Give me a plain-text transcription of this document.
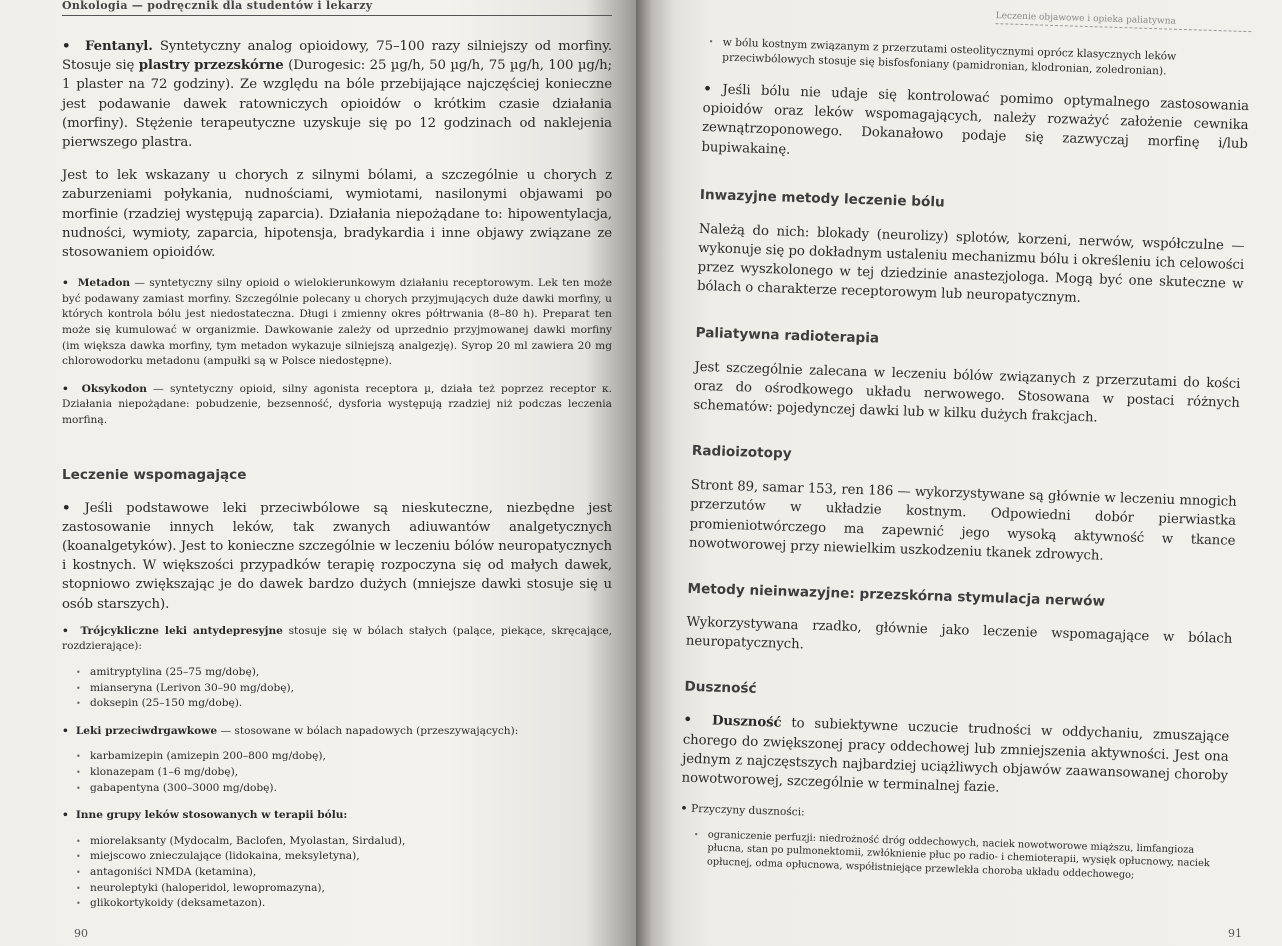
Onkologia — podręcznik dla studentów i lekarzy

• Fentanyl. Syntetyczny analog opioidowy, 75–100 razy silniejszy od morfiny. Stosuje się plastry przezskórne (Durogesic: 25 µg/h, 50 µg/h, 75 µg/h, 100 µg/h; 1 plaster na 72 godziny). Ze względu na bóle przebijające najczęściej konieczne jest podawanie dawek ratowniczych opioidów o krótkim czasie działania (morfiny). Stężenie terapeutyczne uzyskuje się po 12 godzinach od naklejenia pierwszego plastra.

Jest to lek wskazany u chorych z silnymi bólami, a szczególnie u chorych z zaburzeniami połykania, nudnościami, wymiotami, nasilonymi objawami po morfinie (rzadziej występują zaparcia). Działania niepożądane to: hipowentylacja, nudności, wymioty, zaparcia, hipotensja, bradykardia i inne objawy związane ze stosowaniem opioidów.

• Metadon — syntetyczny silny opioid o wielokierunkowym działaniu receptorowym. Lek ten może być podawany zamiast morfiny. Szczególnie polecany u chorych przyjmujących duże dawki morfiny, u których kontrola bólu jest niedostateczna. Długi i zmienny okres półtrwania (8–80 h). Preparat ten może się kumulować w organizmie. Dawkowanie zależy od uprzednio przyjmowanej dawki morfiny (im większa dawka morfiny, tym metadon wykazuje silniejszą analgezję). Syrop 20 ml zawiera 20 mg chlorowodorku metadonu (ampułki są w Polsce niedostępne).

• Oksykodon — syntetyczny opioid, silny agonista receptora µ, działa też poprzez receptor κ. Działania niepożądane: pobudzenie, bezsenność, dysforia występują rzadziej niż podczas leczenia morfiną.

Leczenie wspomagające

• Jeśli podstawowe leki przeciwbólowe są nieskuteczne, niezbędne jest zastosowanie innych leków, tak zwanych adiuwantów analgetycznych (koanalgetyków). Jest to konieczne szczególnie w leczeniu bólów neuropatycznych i kostnych. W większości przypadków terapię rozpoczyna się od małych dawek, stopniowo zwiększając je do dawek bardzo dużych (mniejsze dawki stosuje się u osób starszych).

• Trójcykliczne leki antydepresyjne stosuje się w bólach stałych (palące, piekące, skręcające, rozdzierające):

• amitryptylina (25–75 mg/dobę),
• mianseryna (Lerivon 30–90 mg/dobę),
• doksepin (25–150 mg/dobę).

• Leki przeciwdrgawkowe — stosowane w bólach napadowych (przeszywających):

• karbamizepin (amizepin 200–800 mg/dobę),
• klonazepam (1–6 mg/dobę),
• gabapentyna (300–3000 mg/dobę).

• Inne grupy leków stosowanych w terapii bólu:

• miorelaksanty (Mydocalm, Baclofen, Myolastan, Sirdalud),
• miejscowo znieczulające (lidokaina, meksyletyna),
• antagoniści NMDA (ketamina),
• neuroleptyki (haloperidol, lewopromazyna),
• glikokortykoidy (deksametazon).
90
Leczenie objawowe i opieka paliatywna
• w bólu kostnym związanym z przerzutami osteolitycznymi oprócz klasycznych leków przeciwbólowych stosuje się bisfosfoniany (pamidronian, klodronian, zoledronian).

• Jeśli bólu nie udaje się kontrolować pomimo optymalnego zastosowania opioidów oraz leków wspomagających, należy rozważyć założenie cewnika zewnątrzoponowego. Dokanałowo podaje się zazwyczaj morfinę i/lub bupiwakainę.

Inwazyjne metody leczenie bólu

Należą do nich: blokady (neurolizy) splotów, korzeni, nerwów, współczulne — wykonuje się po dokładnym ustaleniu mechanizmu bólu i określeniu ich celowości przez wyszkolonego w tej dziedzinie anastezjologa. Mogą być one skuteczne w bólach o charakterze receptorowym lub neuropatycznym.

Paliatywna radioterapia

Jest szczególnie zalecana w leczeniu bólów związanych z przerzutami do kości oraz do ośrodkowego układu nerwowego. Stosowana w postaci różnych schematów: pojedynczej dawki lub w kilku dużych frakcjach.

Radioizotopy

Stront 89, samar 153, ren 186 — wykorzystywane są głównie w leczeniu mnogich przerzutów w układzie kostnym. Odpowiedni dobór pierwiastka promieniotwórczego ma zapewnić jego wysoką aktywność w tkance nowotworowej przy niewielkim uszkodzeniu tkanek zdrowych.

Metody nieinwazyjne: przezskórna stymulacja nerwów

Wykorzystywana rzadko, głównie jako leczenie wspomagające w bólach neuropatycznych.

Duszność

• Duszność to subiektywne uczucie trudności w oddychaniu, zmuszające chorego do zwiększonej pracy oddechowej lub zmniejszenia aktywności. Jest ona jednym z najczęstszych najbardziej uciążliwych objawów zaawansowanej choroby nowotworowej, szczególnie w terminalnej fazie.

• Przyczyny duszności:

• ograniczenie perfuzji: niedrożność dróg oddechowych, naciek nowotworowe miąższu, limfangioza płucna, stan po pulmonektomii, zwłóknienie płuc po radio- i chemioterapii, wysięk opłucnowy, naciek opłucnej, odma opłucnowa, współistniejące przewlekła choroba układu oddechowego;
91
